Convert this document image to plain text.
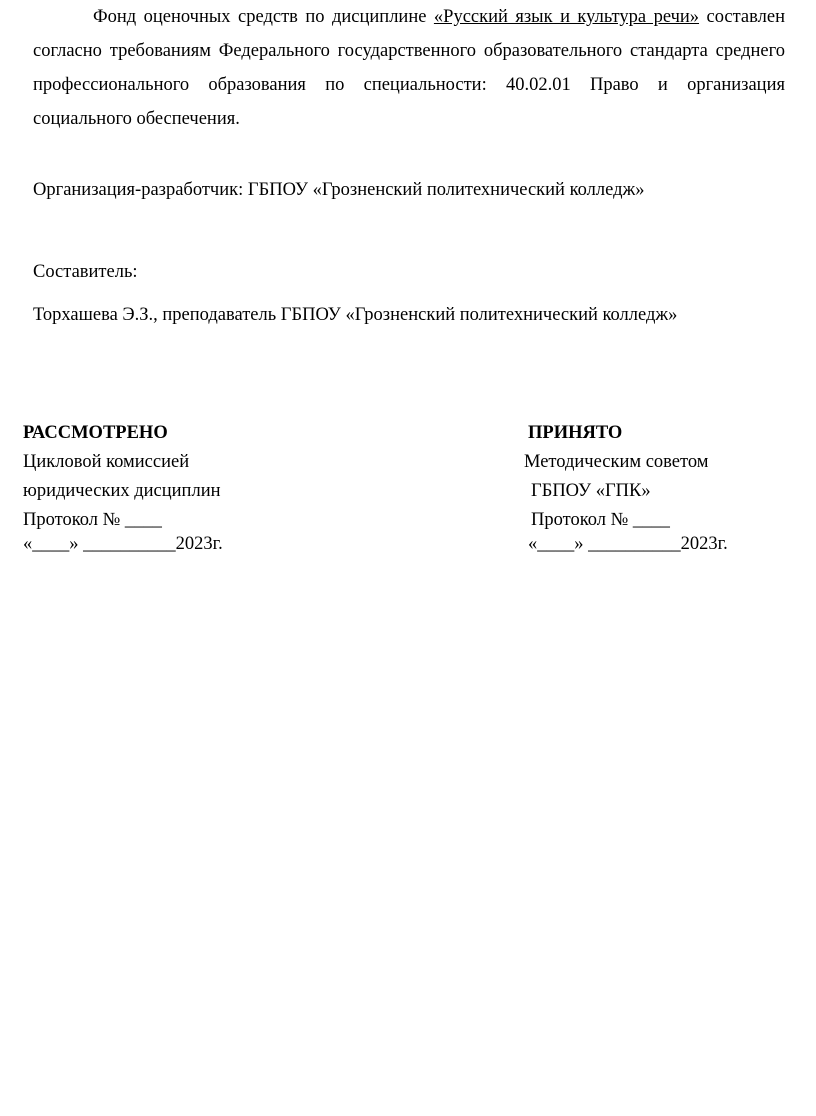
Фонд оценочных средств по дисциплине «Русский язык и культура речи» составлен согласно требованиям Федерального государственного образовательного стандарта среднего профессионального образования по специальности: 40.02.01 Право и организация социального обеспечения.

Организация-разработчик: ГБПОУ «Грозненский политехнический колледж»

Составитель:

Торхашева Э.З., преподаватель ГБПОУ «Грозненский политехнический колледж»

РАССМОТРЕНО

Цикловой комиссией

юридических дисциплин

Протокол № ____

«____» __________2023г.

ПРИНЯТО

Методическим советом

ГБПОУ «ГПК»

Протокол № ____

«____» __________2023г.
